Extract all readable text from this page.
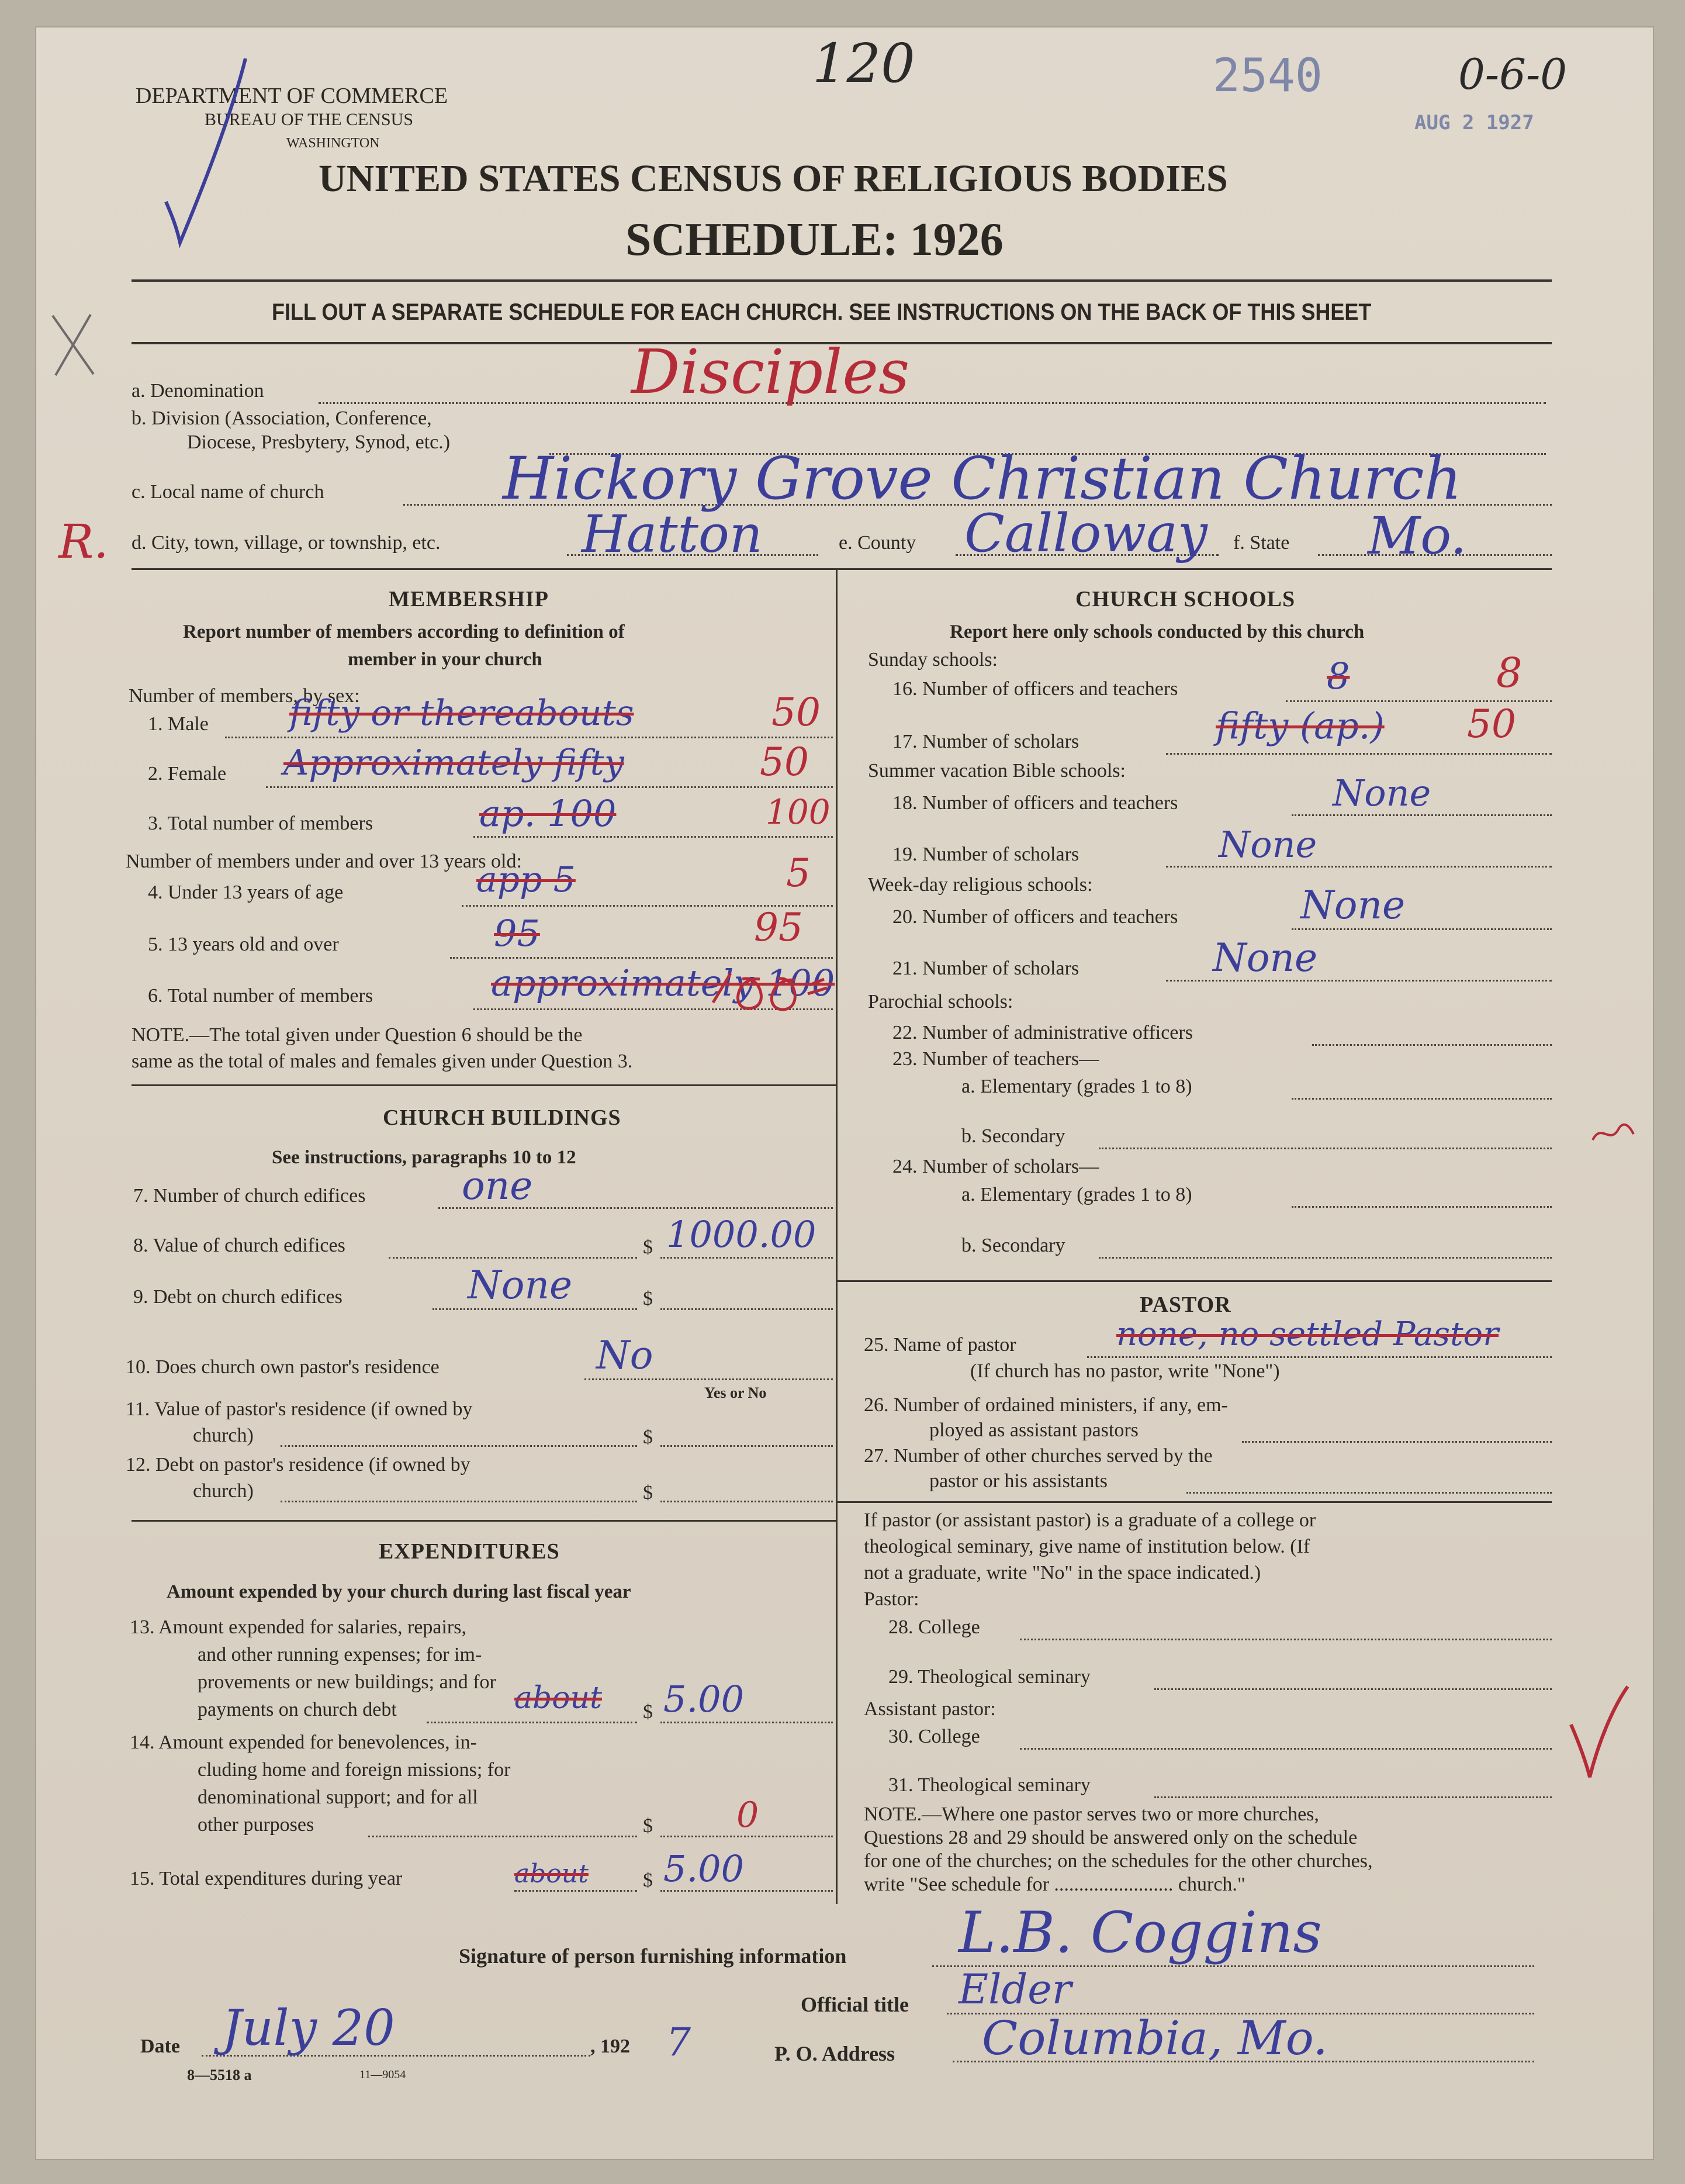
120	2540	0-6-0
AUG 2 1927
DEPARTMENT OF COMMERCE
BUREAU OF THE CENSUS
WASHINGTON
UNITED STATES CENSUS OF RELIGIOUS BODIES
SCHEDULE: 1926
FILL OUT A SEPARATE SCHEDULE FOR EACH CHURCH. SEE INSTRUCTIONS ON THE BACK OF THIS SHEET
a. Denomination	Disciples
b. Division (Association, Conference,
Diocese, Presbytery, Synod, etc.)
c. Local name of church	Hickory Grove Christian Church
R. d. City, town, village, or township, etc.	Hatton	e. County Calloway f. State Mo.
MEMBERSHIP
Report number of members according to definition of
member in your church
Number of members, by sex:
1. Male fifty or thereabouts	50
2. Female Approximately fifty	50
3. Total number of members	ap. 100	100
Number of members under and over 13 years old:
4. Under 13 years of age	app 5	5
5. 13 years old and over	95	95
6. Total number of members	approximately 100
NOTE.—The total given under Question 6 should be the
same as the total of males and females given under Question 3.
CHURCH BUILDINGS
See instructions, paragraphs 10 to 12
7. Number of church edifices one
8. Value of church edifices	$ 1000.00
9. Debt on church edifices	None	$
10. Does church own pastor's residence	No
Yes or No
11. Value of pastor's residence (if owned by
church)	$
12. Debt on pastor's residence (if owned by
church)	$
EXPENDITURES
Amount expended by your church during last fiscal year
13. Amount expended for salaries, repairs,
and other running expenses; for im-
provements or new buildings; and for
payments on church debt	about $ 5.00
14. Amount expended for benevolences, in-
cluding home and foreign missions; for
denominational support; and for all
other purposes	$ 0
15. Total expenditures during year	about	$ 5.00
CHURCH SCHOOLS
Report here only schools conducted by this church
Sunday schools:
16. Number of officers and teachers	8	8
17. Number of scholars	fifty (ap.) 50
Summer vacation Bible schools:
18. Number of officers and teachers	None
19. Number of scholars	None
Week-day religious schools:
20. Number of officers and teachers	None
21. Number of scholars	None
Parochial schools:
22. Number of administrative officers
23. Number of teachers—
a. Elementary (grades 1 to 8)
b. Secondary
24. Number of scholars—
a. Elementary (grades 1 to 8)
b. Secondary
PASTOR
25. Name of pastor	none, no settled Pastor
(If church has no pastor, write "None")
26. Number of ordained ministers, if any, em-
ployed as assistant pastors
27. Number of other churches served by the
pastor or his assistants
If pastor (or assistant pastor) is a graduate of a college or
theological seminary, give name of institution below. (If
not a graduate, write "No" in the space indicated.)
Pastor:
28. College
29. Theological seminary
Assistant pastor:
30. College
31. Theological seminary
NOTE.—Where one pastor serves two or more churches,
Questions 28 and 29 should be answered only on the schedule
for one of the churches; on the schedules for the other churches,
write "See schedule for ........................ church."
Signature of person furnishing information L.B. Coggins
Official title Elder
Date July 20	, 192 7	P. O. Address Columbia, Mo.
8—5518 a	11—9054
